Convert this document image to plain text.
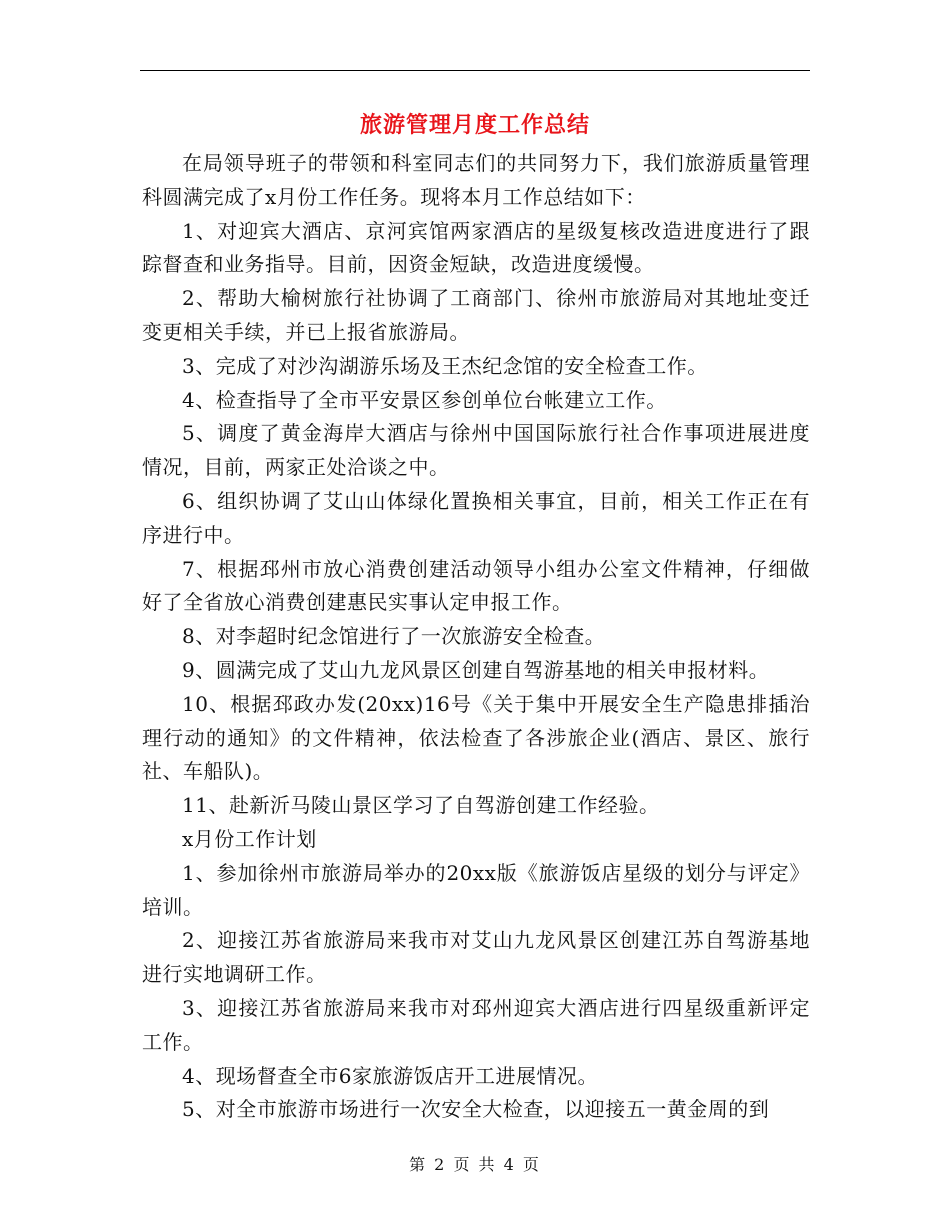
旅游管理月度工作总结

在局领导班子的带领和科室同志们的共同努力下，我们旅游质量管理科圆满完成了x月份工作任务。现将本月工作总结如下：

1、对迎宾大酒店、京河宾馆两家酒店的星级复核改造进度进行了跟踪督查和业务指导。目前，因资金短缺，改造进度缓慢。

2、帮助大榆树旅行社协调了工商部门、徐州市旅游局对其地址变迁变更相关手续，并已上报省旅游局。

3、完成了对沙沟湖游乐场及王杰纪念馆的安全检查工作。

4、检查指导了全市平安景区参创单位台帐建立工作。

5、调度了黄金海岸大酒店与徐州中国国际旅行社合作事项进展进度情况，目前，两家正处洽谈之中。

6、组织协调了艾山山体绿化置换相关事宜，目前，相关工作正在有序进行中。

7、根据邳州市放心消费创建活动领导小组办公室文件精神，仔细做好了全省放心消费创建惠民实事认定申报工作。

8、对李超时纪念馆进行了一次旅游安全检查。

9、圆满完成了艾山九龙风景区创建自驾游基地的相关申报材料。

10、根据邳政办发(20xx)16号《关于集中开展安全生产隐患排插治理行动的通知》的文件精神，依法检查了各涉旅企业(酒店、景区、旅行社、车船队)。

11、赴新沂马陵山景区学习了自驾游创建工作经验。

x月份工作计划

1、参加徐州市旅游局举办的20xx版《旅游饭店星级的划分与评定》培训。

2、迎接江苏省旅游局来我市对艾山九龙风景区创建江苏自驾游基地进行实地调研工作。

3、迎接江苏省旅游局来我市对邳州迎宾大酒店进行四星级重新评定工作。

4、现场督查全市6家旅游饭店开工进展情况。

5、对全市旅游市场进行一次安全大检查，以迎接五一黄金周的到

第 2 页 共 4 页
